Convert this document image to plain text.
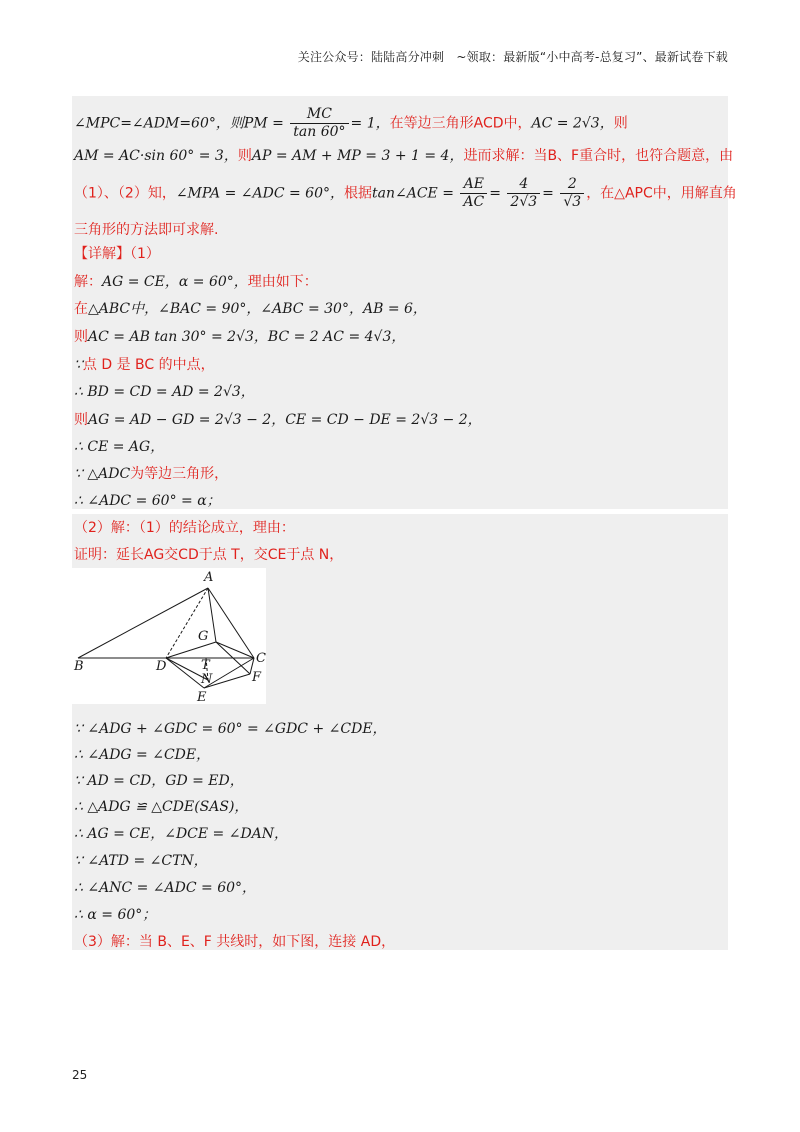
关注公众号：陆陆高分冲刺　~领取：最新版“小中高考-总复习”、最新试卷下载
∠MPC=∠ADM=60°，则PM = $\frac{MC}{\tan 60^\circ} = 1$，在等边三角形ACD中，AC = 2√3，则
AM = AC·sin 60° = 3，则AP = AM + MP = 3 + 1 = 4，进而求解：当B、F重合时，也符合题意，由
（1）、（2）知，∠MPA = ∠ADC = 60°，根据tan∠ACE = $\frac{AE}{AC} = \frac{4}{2√3} = \frac{2}{√3}$ ，在△APC中，用解直角
三角形的方法即可求解.
【详解】（1）
解：AG = CE，α = 60°，理由如下：
在△ABC中，∠BAC = 90°，∠ABC = 30°，AB = 6，
则AC = AB tan 30° = 2√3，BC = 2 AC = 4√3，
∵点 D 是 BC 的中点，
∴ BD = CD = AD = 2√3，
则AG = AD − GD = 2√3 − 2，CE = CD − DE = 2√3 − 2，
∴ CE = AG，
∵ △ADC为等边三角形，
∴ ∠ADC = 60° = α；
（2）解：（1）的结论成立，理由：
证明：延长AG交CD于点 T，交CE于点 N，
A
B
C
D
E
F
G
T
N
∵ ∠ADG + ∠GDC = 60° = ∠GDC + ∠CDE，
∴ ∠ADG = ∠CDE，
∵ AD = CD，GD = ED，
∴ △ADG ≌ △CDE(SAS)，
∴ AG = CE，∠DCE = ∠DAN，
∵ ∠ATD = ∠CTN，
∴ ∠ANC = ∠ADC = 60°，
∴ α = 60°；
（3）解：当 B、E、F 共线时，如下图，连接 AD，
25
